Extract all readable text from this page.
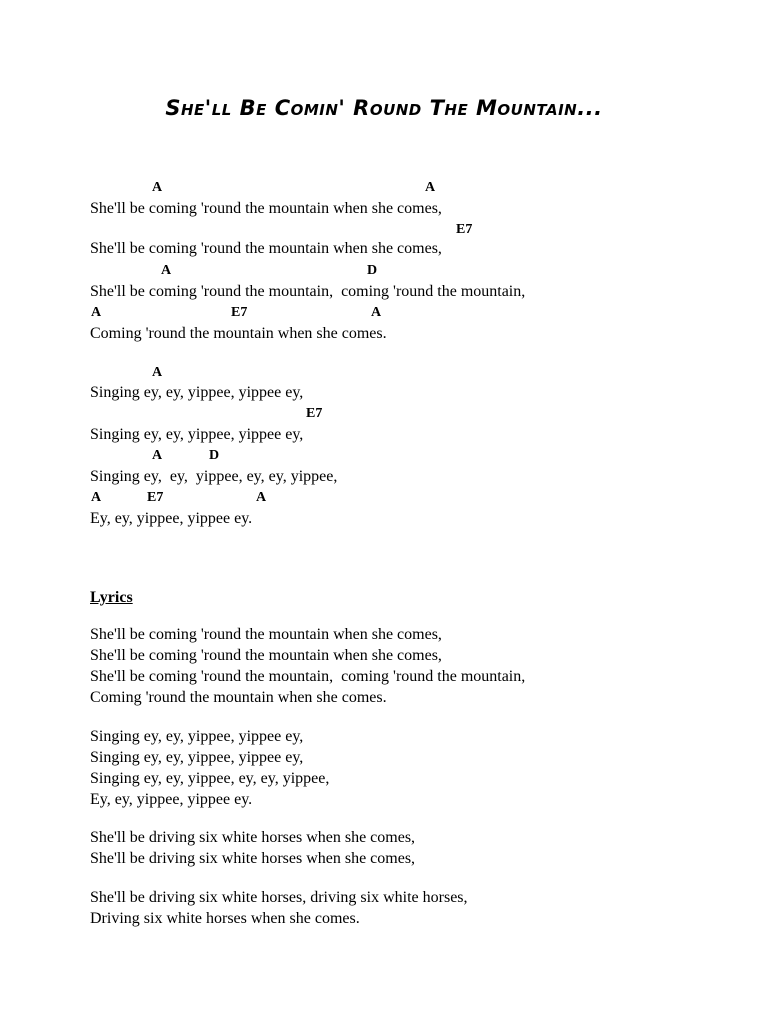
She'll Be Comin' Round The Mountain...
A	A
She'll be coming 'round the mountain when she comes,
E7
She'll be coming 'round the mountain when she comes,
A	D
She'll be coming 'round the mountain,  coming 'round the mountain,
A	E7	A
Coming 'round the mountain when she comes.
A
Singing ey, ey, yippee, yippee ey,
E7
Singing ey, ey, yippee, yippee ey,
A	D
Singing ey,  ey,  yippee, ey, ey, yippee,
A	E7	A
Ey, ey, yippee, yippee ey.
Lyrics
She'll be coming 'round the mountain when she comes,
She'll be coming 'round the mountain when she comes,
She'll be coming 'round the mountain,  coming 'round the mountain,
Coming 'round the mountain when she comes.
Singing ey, ey, yippee, yippee ey,
Singing ey, ey, yippee, yippee ey,
Singing ey, ey, yippee, ey, ey, yippee,
Ey, ey, yippee, yippee ey.
She'll be driving six white horses when she comes,
She'll be driving six white horses when she comes,
She'll be driving six white horses, driving six white horses,
Driving six white horses when she comes.
